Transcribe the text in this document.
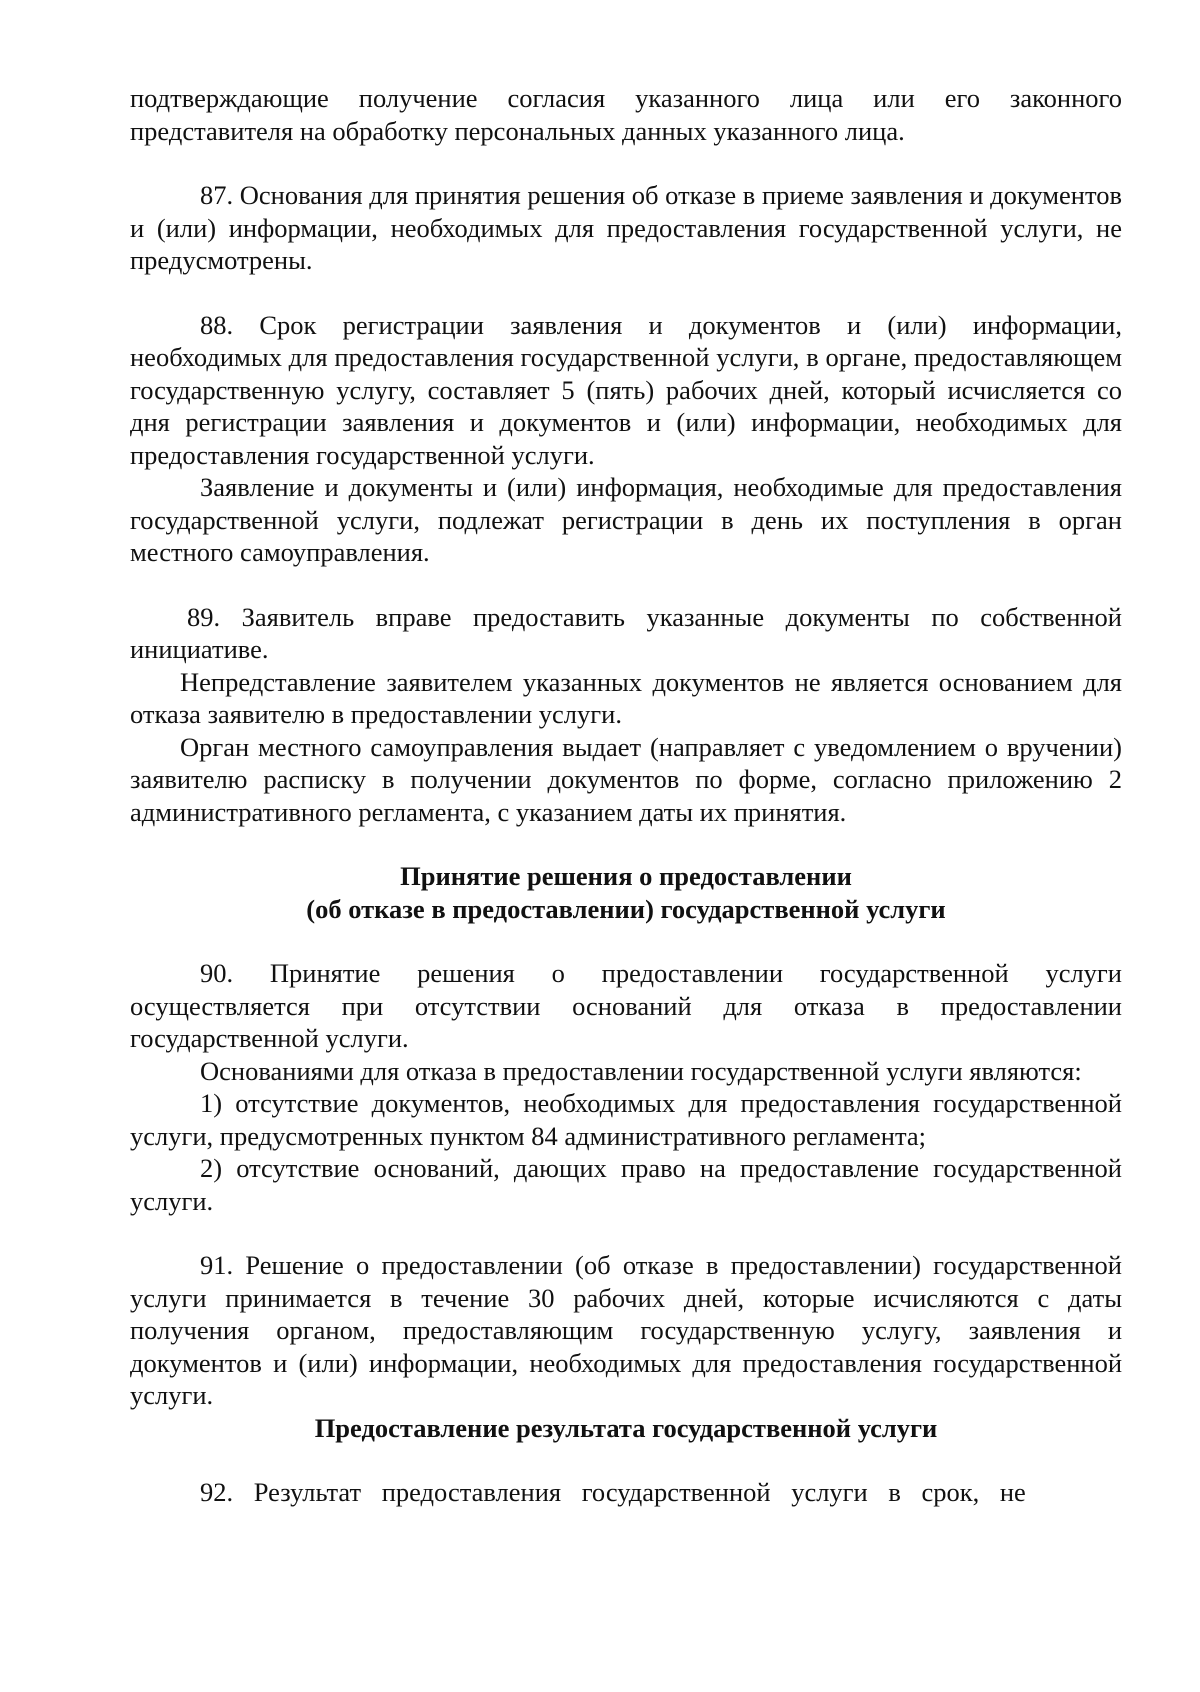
подтверждающие получение согласия указанного лица или его законного представителя на обработку персональных данных указанного лица.

87. Основания для принятия решения об отказе в приеме заявления и документов и (или) информации, необходимых для предоставления государственной услуги, не предусмотрены.

88. Срок регистрации заявления и документов и (или) информации, необходимых для предоставления государственной услуги, в органе, предоставляющем государственную услугу, составляет 5 (пять) рабочих дней, который исчисляется со дня регистрации заявления и документов и (или) информации, необходимых для предоставления государственной услуги.

Заявление и документы и (или) информация, необходимые для предоставления государственной услуги, подлежат регистрации в день их поступления в орган местного самоуправления.

89. Заявитель вправе предоставить указанные документы по собственной инициативе.

Непредставление заявителем указанных документов не является основанием для отказа заявителю в предоставлении услуги.

Орган местного самоуправления выдает (направляет с уведомлением о вручении) заявителю расписку в получении документов по форме, согласно приложению 2 административного регламента, с указанием даты их принятия.

Принятие решения о предоставлении

(об отказе в предоставлении) государственной услуги

90. Принятие решения о предоставлении государственной услуги осуществляется при отсутствии оснований для отказа в предоставлении государственной услуги.

Основаниями для отказа в предоставлении государственной услуги являются:

1) отсутствие документов, необходимых для предоставления государственной услуги, предусмотренных пунктом 84 административного регламента;

2) отсутствие оснований, дающих право на предоставление государственной услуги.

91. Решение о предоставлении (об отказе в предоставлении) государственной услуги принимается в течение 30 рабочих дней, которые исчисляются с даты получения органом, предоставляющим государственную услугу, заявления и документов и (или) информации, необходимых для предоставления государственной услуги.

Предоставление результата государственной услуги

92. Результат предоставления государственной услуги в срок, не
